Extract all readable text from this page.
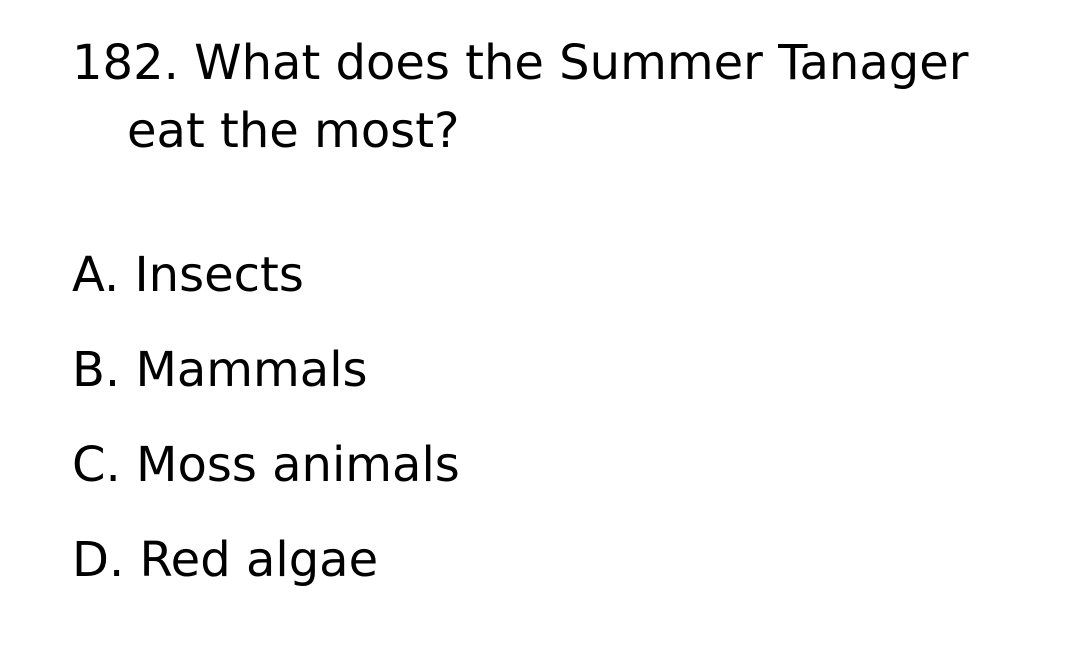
182. What does the Summer Tanager
eat the most?
A. Insects
B. Mammals
C. Moss animals
D. Red algae
